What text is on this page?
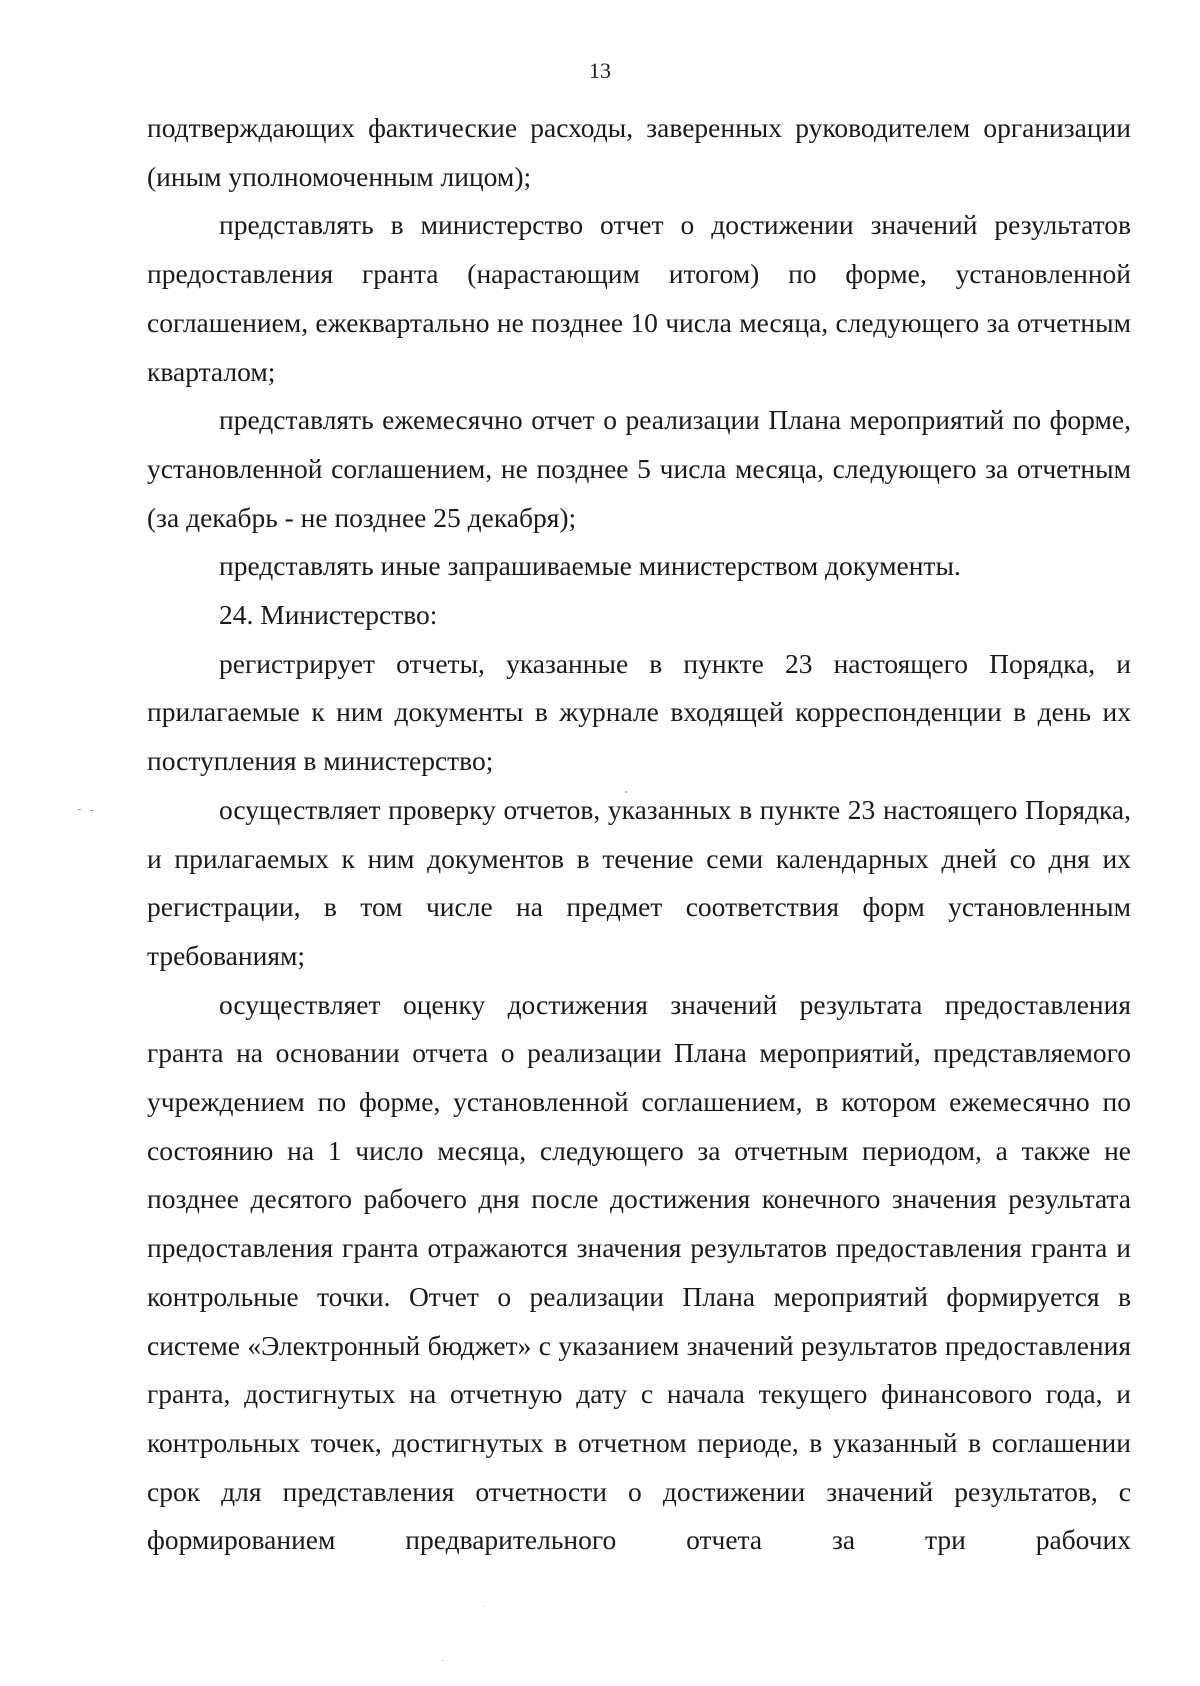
13

подтверждающих фактические расходы, заверенных руководителем организации (иным уполномоченным лицом);

представлять в министерство отчет о достижении значений результатов предоставления гранта (нарастающим итогом) по форме, установленной соглашением, ежеквартально не позднее 10 числа месяца, следующего за отчетным кварталом;

представлять ежемесячно отчет о реализации Плана мероприятий по форме, установленной соглашением, не позднее 5 числа месяца, следующего за отчетным (за декабрь - не позднее 25 декабря);

представлять иные запрашиваемые министерством документы.

24. Министерство:

регистрирует отчеты, указанные в пункте 23 настоящего Порядка, и прилагаемые к ним документы в журнале входящей корреспонденции в день их поступления в министерство;

осуществляет проверку отчетов, указанных в пункте 23 настоящего Порядка, и прилагаемых к ним документов в течение семи календарных дней со дня их регистрации, в том числе на предмет соответствия форм установленным требованиям;

осуществляет оценку достижения значений результата предоставления гранта на основании отчета о реализации Плана мероприятий, представляемого учреждением по форме, установленной соглашением, в котором ежемесячно по состоянию на 1 число месяца, следующего за отчетным периодом, а также не позднее десятого рабочего дня после достижения конечного значения результата предоставления гранта отражаются значения результатов предоставления гранта и контрольные точки. Отчет о реализации Плана мероприятий формируется в системе «Электронный бюджет» с указанием значений результатов предоставления гранта, достигнутых на отчетную дату с начала текущего финансового года, и контрольных точек, достигнутых в отчетном периоде, в указанный в соглашении срок для представления отчетности о достижении значений результатов, с формированием предварительного отчета за три рабочих
